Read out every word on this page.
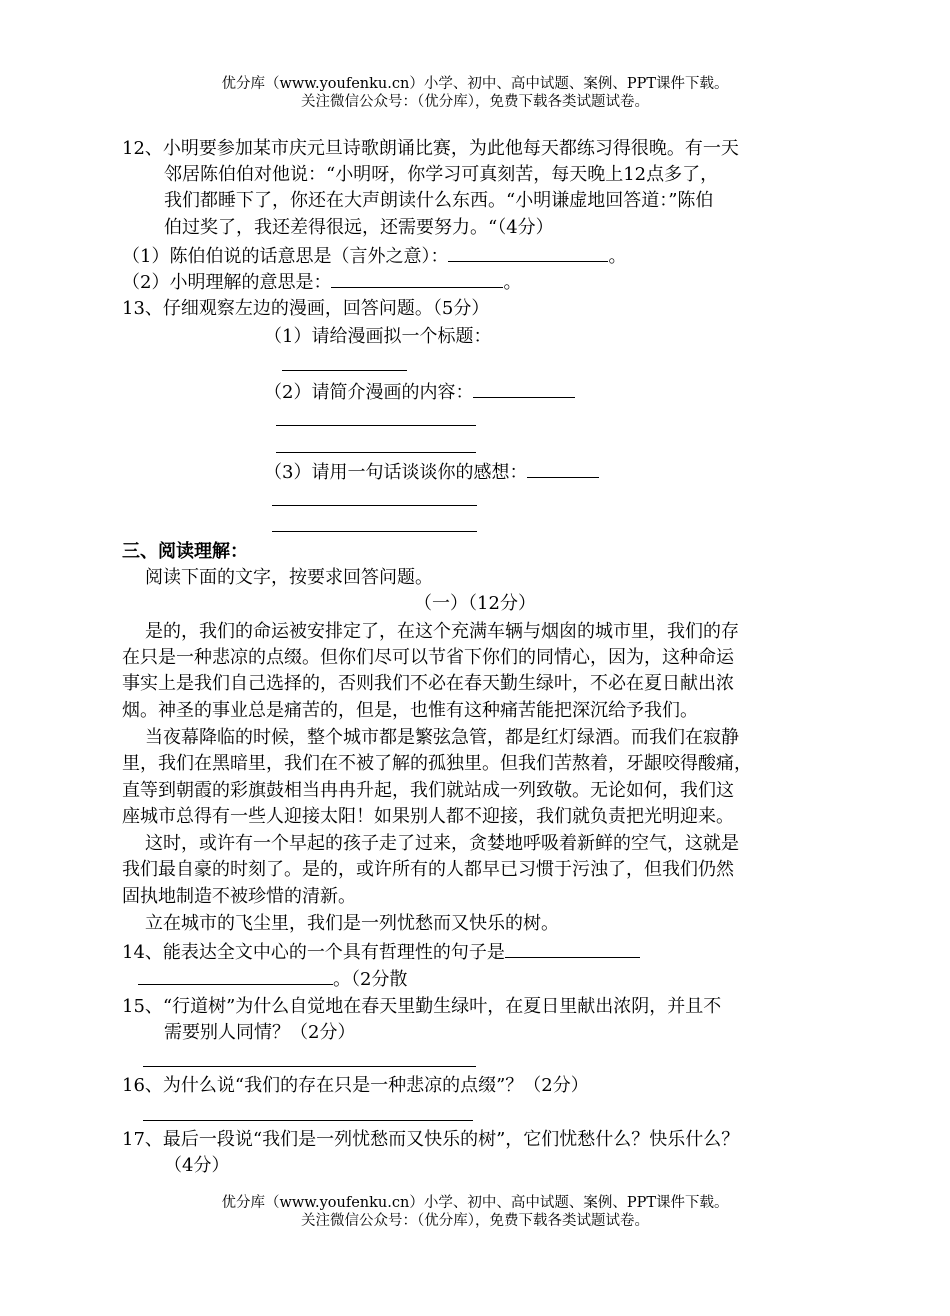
优分库（www.youfenku.cn）小学、初中、高中试题、案例、PPT课件下载。
关注微信公众号：（优分库），免费下载各类试题试卷。
12、小明要参加某市庆元旦诗歌朗诵比赛，为此他每天都练习得很晚。有一天
邻居陈伯伯对他说：“小明呀，你学习可真刻苦，每天晚上12点多了，
我们都睡下了，你还在大声朗读什么东西。“小明谦虚地回答道：”陈伯
伯过奖了，我还差得很远，还需要努力。“（4分）
（1）陈伯伯说的话意思是（言外之意）：	。
（2）小明理解的意思是：	。
13、仔细观察左边的漫画，回答问题。（5分）
（1）请给漫画拟一个标题：
（2）请简介漫画的内容：
（3）请用一句话谈谈你的感想：
三、阅读理解：
阅读下面的文字，按要求回答问题。
（一）（12分）
是的，我们的命运被安排定了，在这个充满车辆与烟囱的城市里，我们的存
在只是一种悲凉的点缀。但你们尽可以节省下你们的同情心，因为，这种命运
事实上是我们自己选择的，否则我们不必在春天勤生绿叶，不必在夏日献出浓
烟。神圣的事业总是痛苦的，但是，也惟有这种痛苦能把深沉给予我们。
当夜幕降临的时候，整个城市都是繁弦急管，都是红灯绿酒。而我们在寂静
里，我们在黑暗里，我们在不被了解的孤独里。但我们苦熬着，牙龈咬得酸痛，
直等到朝霞的彩旗鼓相当冉冉升起，我们就站成一列致敬。无论如何，我们这
座城市总得有一些人迎接太阳！如果别人都不迎接，我们就负责把光明迎来。
这时，或许有一个早起的孩子走了过来，贪婪地呼吸着新鲜的空气，这就是
我们最自豪的时刻了。是的，或许所有的人都早已习惯于污浊了，但我们仍然
固执地制造不被珍惜的清新。
立在城市的飞尘里，我们是一列忧愁而又快乐的树。
14、能表达全文中心的一个具有哲理性的句子是
。（2分散
15、“行道树”为什么自觉地在春天里勤生绿叶，在夏日里献出浓阴，并且不
需要别人同情？（2分）
16、为什么说“我们的存在只是一种悲凉的点缀”？（2分）
17、最后一段说“我们是一列忧愁而又快乐的树”，它们忧愁什么？快乐什么？
（4分）
优分库（www.youfenku.cn）小学、初中、高中试题、案例、PPT课件下载。
关注微信公众号：（优分库），免费下载各类试题试卷。
